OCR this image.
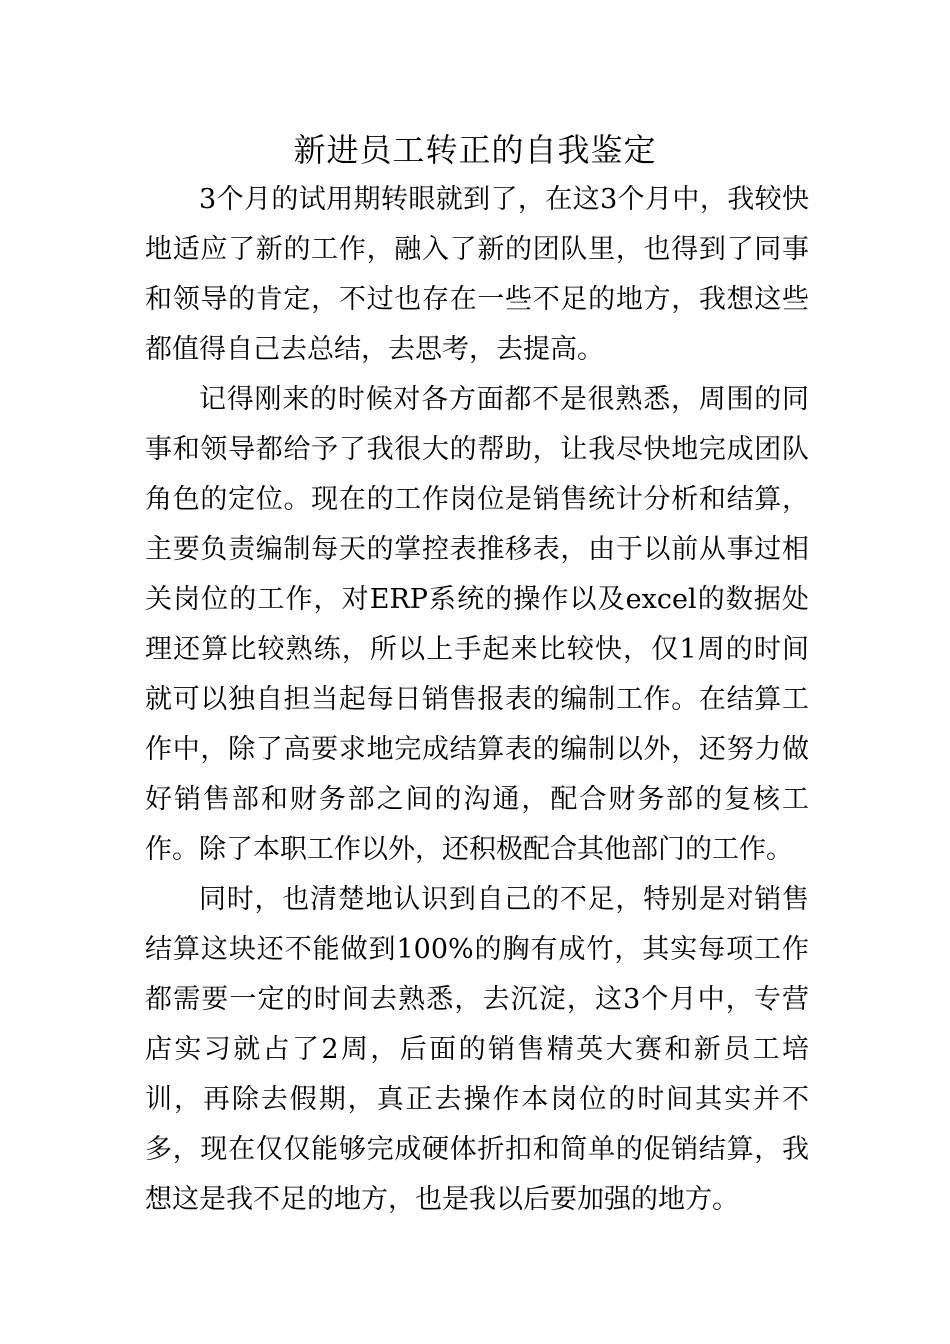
新进员工转正的自我鉴定

3个月的试用期转眼就到了，在这3个月中，我较快地适应了新的工作，融入了新的团队里，也得到了同事和领导的肯定，不过也存在一些不足的地方，我想这些都值得自己去总结，去思考，去提高。

记得刚来的时候对各方面都不是很熟悉，周围的同事和领导都给予了我很大的帮助，让我尽快地完成团队角色的定位。现在的工作岗位是销售统计分析和结算，主要负责编制每天的掌控表推移表，由于以前从事过相关岗位的工作，对ERP系统的操作以及excel的数据处理还算比较熟练，所以上手起来比较快，仅1周的时间就可以独自担当起每日销售报表的编制工作。在结算工作中，除了高要求地完成结算表的编制以外，还努力做好销售部和财务部之间的沟通，配合财务部的复核工作。除了本职工作以外，还积极配合其他部门的工作。

同时，也清楚地认识到自己的不足，特别是对销售结算这块还不能做到100%的胸有成竹，其实每项工作都需要一定的时间去熟悉，去沉淀，这3个月中，专营店实习就占了2周，后面的销售精英大赛和新员工培训，再除去假期，真正去操作本岗位的时间其实并不多，现在仅仅能够完成硬体折扣和简单的促销结算，我想这是我不足的地方，也是我以后要加强的地方。
